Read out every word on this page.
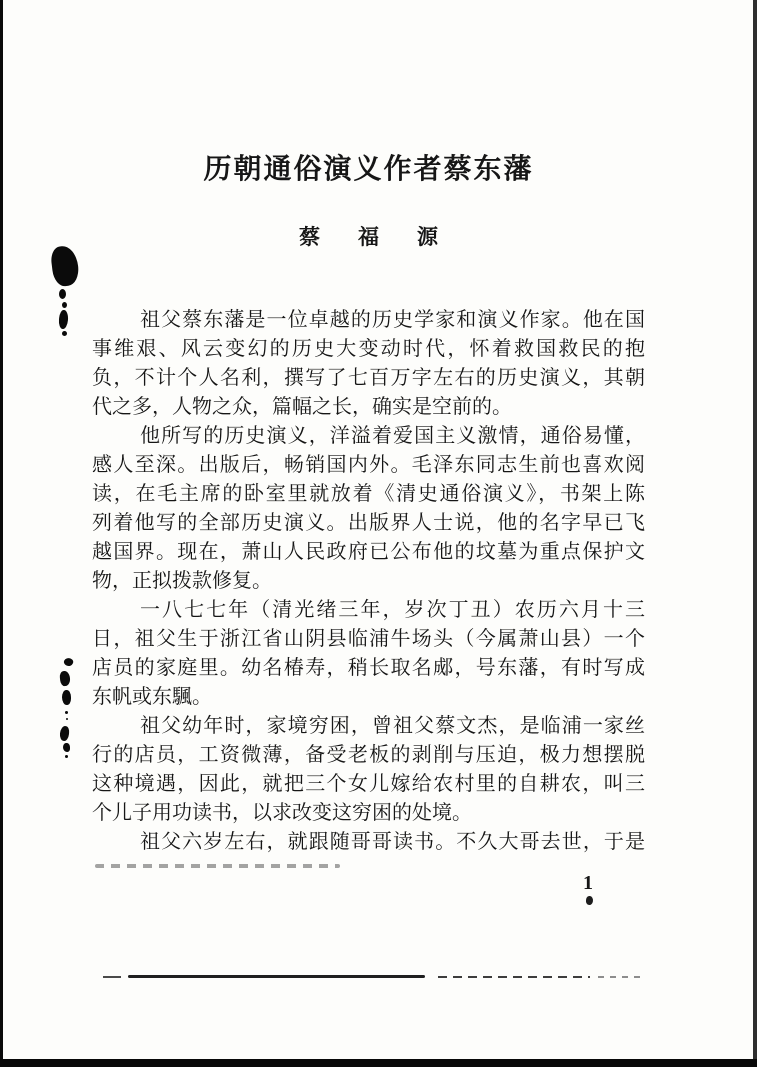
历朝通俗演义作者蔡东藩
蔡 福 源
祖父蔡东藩是一位卓越的历史学家和演义作家。他在国
事维艰、风云变幻的历史大变动时代，怀着救国救民的抱
负，不计个人名利，撰写了七百万字左右的历史演义，其朝
代之多，人物之众，篇幅之长，确实是空前的。
他所写的历史演义，洋溢着爱国主义激情，通俗易懂，
感人至深。出版后，畅销国内外。毛泽东同志生前也喜欢阅
读，在毛主席的卧室里就放着《清史通俗演义》，书架上陈
列着他写的全部历史演义。出版界人士说，他的名字早已飞
越国界。现在，萧山人民政府已公布他的坟墓为重点保护文
物，正拟拨款修复。
一八七七年（清光绪三年，岁次丁丑）农历六月十三
日，祖父生于浙江省山阴县临浦牛场头（今属萧山县）一个
店员的家庭里。幼名椿寿，稍长取名郕，号东藩，有时写成
东帆或东颿。
祖父幼年时，家境穷困，曾祖父蔡文杰，是临浦一家丝
行的店员，工资微薄，备受老板的剥削与压迫，极力想摆脱
这种境遇，因此，就把三个女儿嫁给农村里的自耕农，叫三
个儿子用功读书，以求改变这穷困的处境。
祖父六岁左右，就跟随哥哥读书。不久大哥去世，于是
1
